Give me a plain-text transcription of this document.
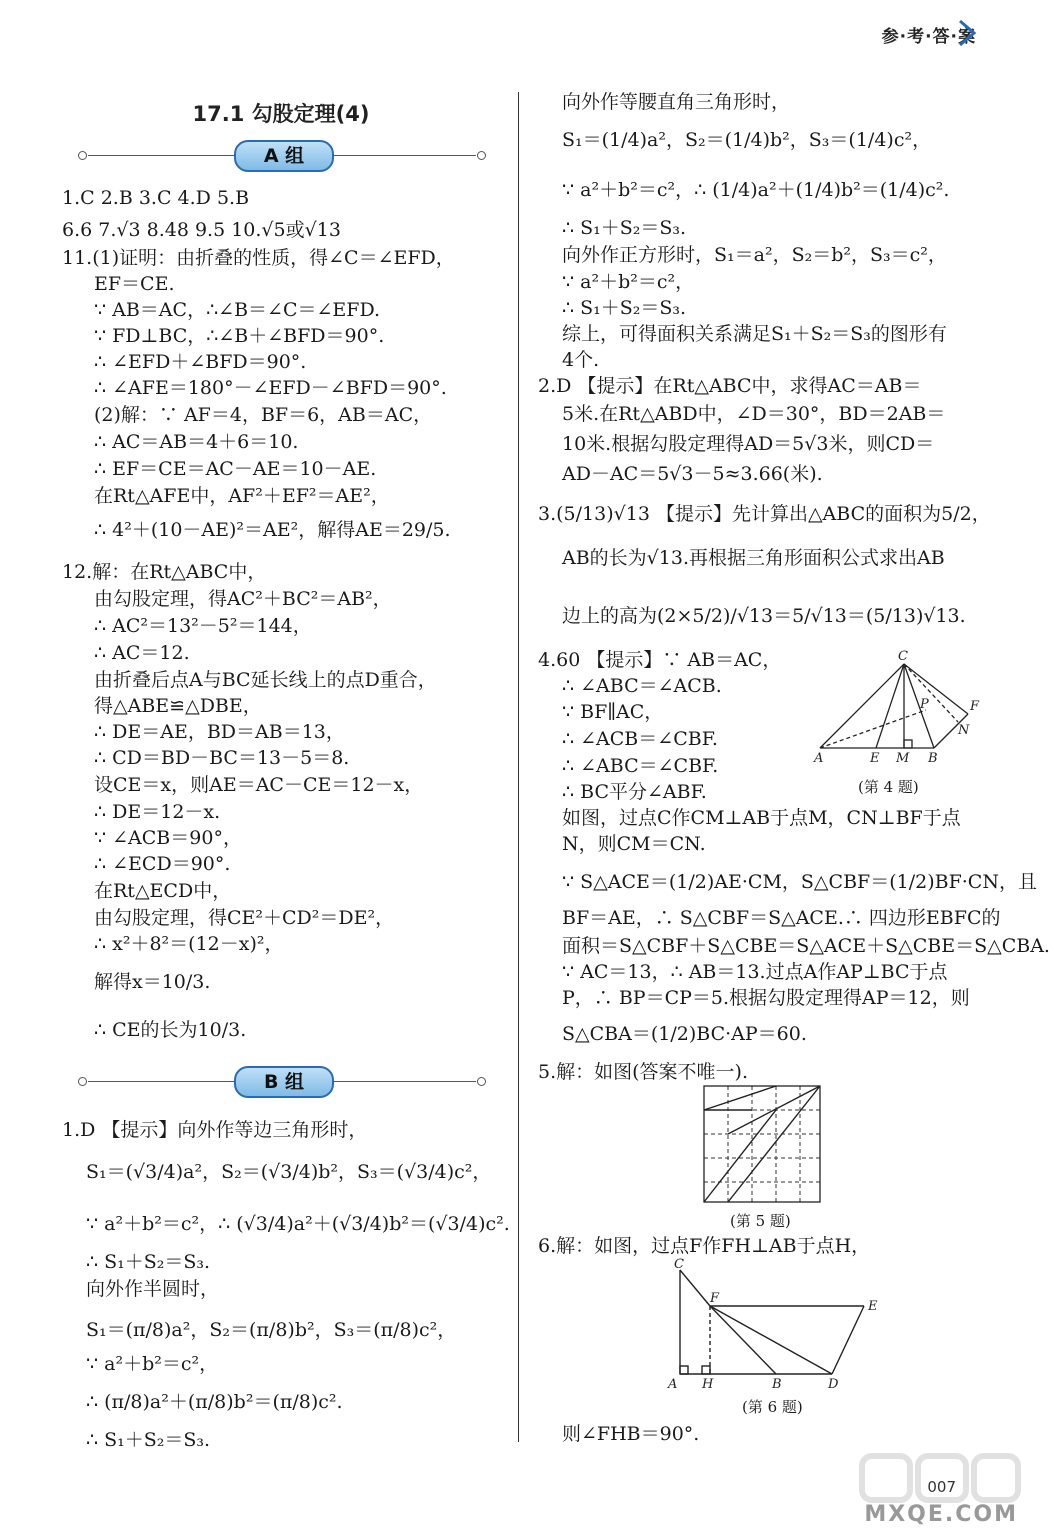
参·考·答·案
17.1 勾股定理(4)
A 组
B 组
1.C 2.B 3.C 4.D 5.B
6.6 7.√3 8.48 9.5 10.√5或√13
11.(1)证明：由折叠的性质，得∠C＝∠EFD，
EF＝CE.
∵ AB＝AC，∴∠B＝∠C＝∠EFD.
∵ FD⊥BC，∴∠B＋∠BFD＝90°.
∴ ∠EFD＋∠BFD＝90°.
∴ ∠AFE＝180°－∠EFD－∠BFD＝90°.
(2)解：∵ AF＝4，BF＝6，AB＝AC，
∴ AC＝AB＝4＋6＝10.
∴ EF＝CE＝AC－AE＝10－AE.
在Rt△AFE中，AF²＋EF²＝AE²，
∴ 4²＋(10－AE)²＝AE²，解得AE＝29/5.
12.解：在Rt△ABC中，
由勾股定理，得AC²＋BC²＝AB²，
∴ AC²＝13²－5²＝144，
∴ AC＝12.
由折叠后点A与BC延长线上的点D重合，
得△ABE≌△DBE，
∴ DE＝AE，BD＝AB＝13，
∴ CD＝BD－BC＝13－5＝8.
设CE＝x，则AE＝AC－CE＝12－x，
∴ DE＝12－x.
∵ ∠ACB＝90°，
∴ ∠ECD＝90°.
在Rt△ECD中，
由勾股定理，得CE²＋CD²＝DE²，
∴ x²＋8²＝(12－x)²，
解得x＝10/3.
∴ CE的长为10/3.
1.D 【提示】向外作等边三角形时，
S₁＝(√3/4)a²，S₂＝(√3/4)b²，S₃＝(√3/4)c²，
∵ a²＋b²＝c²，∴ (√3/4)a²＋(√3/4)b²＝(√3/4)c².
∴ S₁＋S₂＝S₃.
向外作半圆时，
S₁＝(π/8)a²，S₂＝(π/8)b²，S₃＝(π/8)c²，
∵ a²＋b²＝c²，
∴ (π/8)a²＋(π/8)b²＝(π/8)c².
∴ S₁＋S₂＝S₃.
向外作等腰直角三角形时，
S₁＝(1/4)a²，S₂＝(1/4)b²，S₃＝(1/4)c²，
∵ a²＋b²＝c²，∴ (1/4)a²＋(1/4)b²＝(1/4)c².
∴ S₁＋S₂＝S₃.
向外作正方形时，S₁＝a²，S₂＝b²，S₃＝c²，
∵ a²＋b²＝c²，
∴ S₁＋S₂＝S₃.
综上，可得面积关系满足S₁＋S₂＝S₃的图形有
4个.
2.D 【提示】在Rt△ABC中，求得AC＝AB＝
5米.在Rt△ABD中，∠D＝30°，BD＝2AB＝
10米.根据勾股定理得AD＝5√3米，则CD＝
AD－AC＝5√3－5≈3.66(米).
3.(5/13)√13 【提示】先计算出△ABC的面积为5/2，
AB的长为√13.再根据三角形面积公式求出AB
边上的高为(2×5/2)/√13＝5/√13＝(5/13)√13.
4.60 【提示】∵ AB＝AC，
∴ ∠ABC＝∠ACB.
∵ BF∥AC，
∴ ∠ACB＝∠CBF.
∴ ∠ABC＝∠CBF.
∴ BC平分∠ABF.
如图，过点C作CM⊥AB于点M，CN⊥BF于点
N，则CM＝CN.
∵ S△ACE＝(1/2)AE·CM，S△CBF＝(1/2)BF·CN，且
BF＝AE，∴ S△CBF＝S△ACE.∴ 四边形EBFC的
面积＝S△CBF＋S△CBE＝S△ACE＋S△CBE＝S△CBA.
∵ AC＝13，∴ AB＝13.过点A作AP⊥BC于点
P，∴ BP＝CP＝5.根据勾股定理得AP＝12，则
S△CBA＝(1/2)BC·AP＝60.
5.解：如图(答案不唯一).
6.解：如图，过点F作FH⊥AB于点H，
则∠FHB＝90°.
C
P	F
N
A	E M B
(第 4 题)
(第 5 题)
C
F
E
A H	B	D
(第 6 题)
007
MXQE.COM
